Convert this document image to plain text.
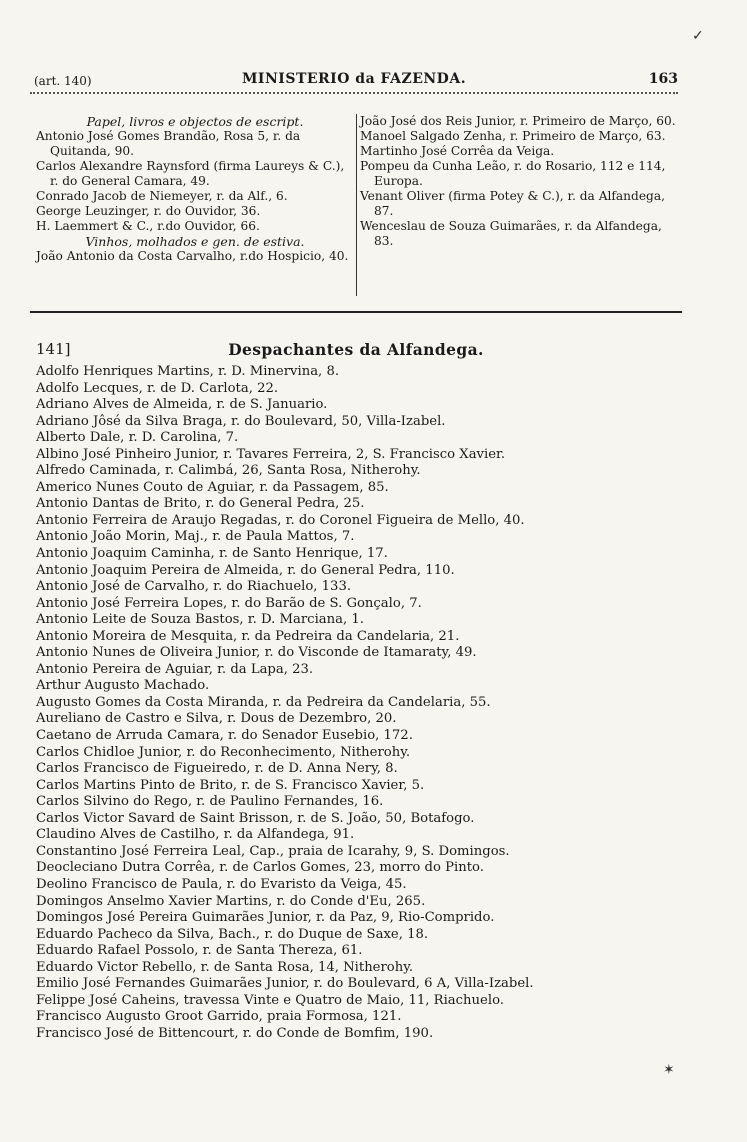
(art. 140)	MINISTERIO da FAZENDA.	163
Papel, livros e objectos de escript.
Antonio José Gomes Brandão, Rosa 5, r. da Quitanda, 90.
Carlos Alexandre Raynsford (firma Laureys & C.), r. do General Camara, 49.
Conrado Jacob de Niemeyer, r. da Alf., 6.
George Leuzinger, r. do Ouvidor, 36.
H. Laemmert & C., r.do Ouvidor, 66.
Vinhos, molhados e gen. de estiva.
João Antonio da Costa Carvalho, r.do Hospicio, 40.
João José dos Reis Junior, r. Primeiro de Março, 60.
Manoel Salgado Zenha, r. Primeiro de Março, 63.
Martinho José Corrêa da Veiga.
Pompeu da Cunha Leão, r. do Rosario, 112 e 114, Europa.
Venant Oliver (firma Potey & C.), r. da Alfandega, 87.
Wenceslau de Souza Guimarães, r. da Alfandega, 83.
141]	Despachantes da Alfandega.
Adolfo Henriques Martins, r. D. Minervina, 8.
Adolfo Lecques, r. de D. Carlota, 22.
Adriano Alves de Almeida, r. de S. Januario.
Adriano Jôsé da Silva Braga, r. do Boulevard, 50, Villa-Izabel.
Alberto Dale, r. D. Carolina, 7.
Albino José Pinheiro Junior, r. Tavares Ferreira, 2, S. Francisco Xavier.
Alfredo Caminada, r. Calimbá, 26, Santa Rosa, Nitherohy.
Americo Nunes Couto de Aguiar, r. da Passagem, 85.
Antonio Dantas de Brito, r. do General Pedra, 25.
Antonio Ferreira de Araujo Regadas, r. do Coronel Figueira de Mello, 40.
Antonio João Morin, Maj., r. de Paula Mattos, 7.
Antonio Joaquim Caminha, r. de Santo Henrique, 17.
Antonio Joaquim Pereira de Almeida, r. do General Pedra, 110.
Antonio José de Carvalho, r. do Riachuelo, 133.
Antonio José Ferreira Lopes, r. do Barão de S. Gonçalo, 7.
Antonio Leite de Souza Bastos, r. D. Marciana, 1.
Antonio Moreira de Mesquita, r. da Pedreira da Candelaria, 21.
Antonio Nunes de Oliveira Junior, r. do Visconde de Itamaraty, 49.
Antonio Pereira de Aguiar, r. da Lapa, 23.
Arthur Augusto Machado.
Augusto Gomes da Costa Miranda, r. da Pedreira da Candelaria, 55.
Aureliano de Castro e Silva, r. Dous de Dezembro, 20.
Caetano de Arruda Camara, r. do Senador Eusebio, 172.
Carlos Chidloe Junior, r. do Reconhecimento, Nitherohy.
Carlos Francisco de Figueiredo, r. de D. Anna Nery, 8.
Carlos Martins Pinto de Brito, r. de S. Francisco Xavier, 5.
Carlos Silvino do Rego, r. de Paulino Fernandes, 16.
Carlos Victor Savard de Saint Brisson, r. de S. João, 50, Botafogo.
Claudino Alves de Castilho, r. da Alfandega, 91.
Constantino José Ferreira Leal, Cap., praia de Icarahy, 9, S. Domingos.
Deocleciano Dutra Corrêa, r. de Carlos Gomes, 23, morro do Pinto.
Deolino Francisco de Paula, r. do Evaristo da Veiga, 45.
Domingos Anselmo Xavier Martins, r. do Conde d'Eu, 265.
Domingos José Pereira Guimarães Junior, r. da Paz, 9, Rio-Comprido.
Eduardo Pacheco da Silva, Bach., r. do Duque de Saxe, 18.
Eduardo Rafael Possolo, r. de Santa Thereza, 61.
Eduardo Victor Rebello, r. de Santa Rosa, 14, Nitherohy.
Emilio José Fernandes Guimarães Junior, r. do Boulevard, 6 A, Villa-Izabel.
Felippe José Caheins, travessa Vinte e Quatro de Maio, 11, Riachuelo.
Francisco Augusto Groot Garrido, praia Formosa, 121.
Francisco José de Bittencourt, r. do Conde de Bomfim, 190.
✓
✶
